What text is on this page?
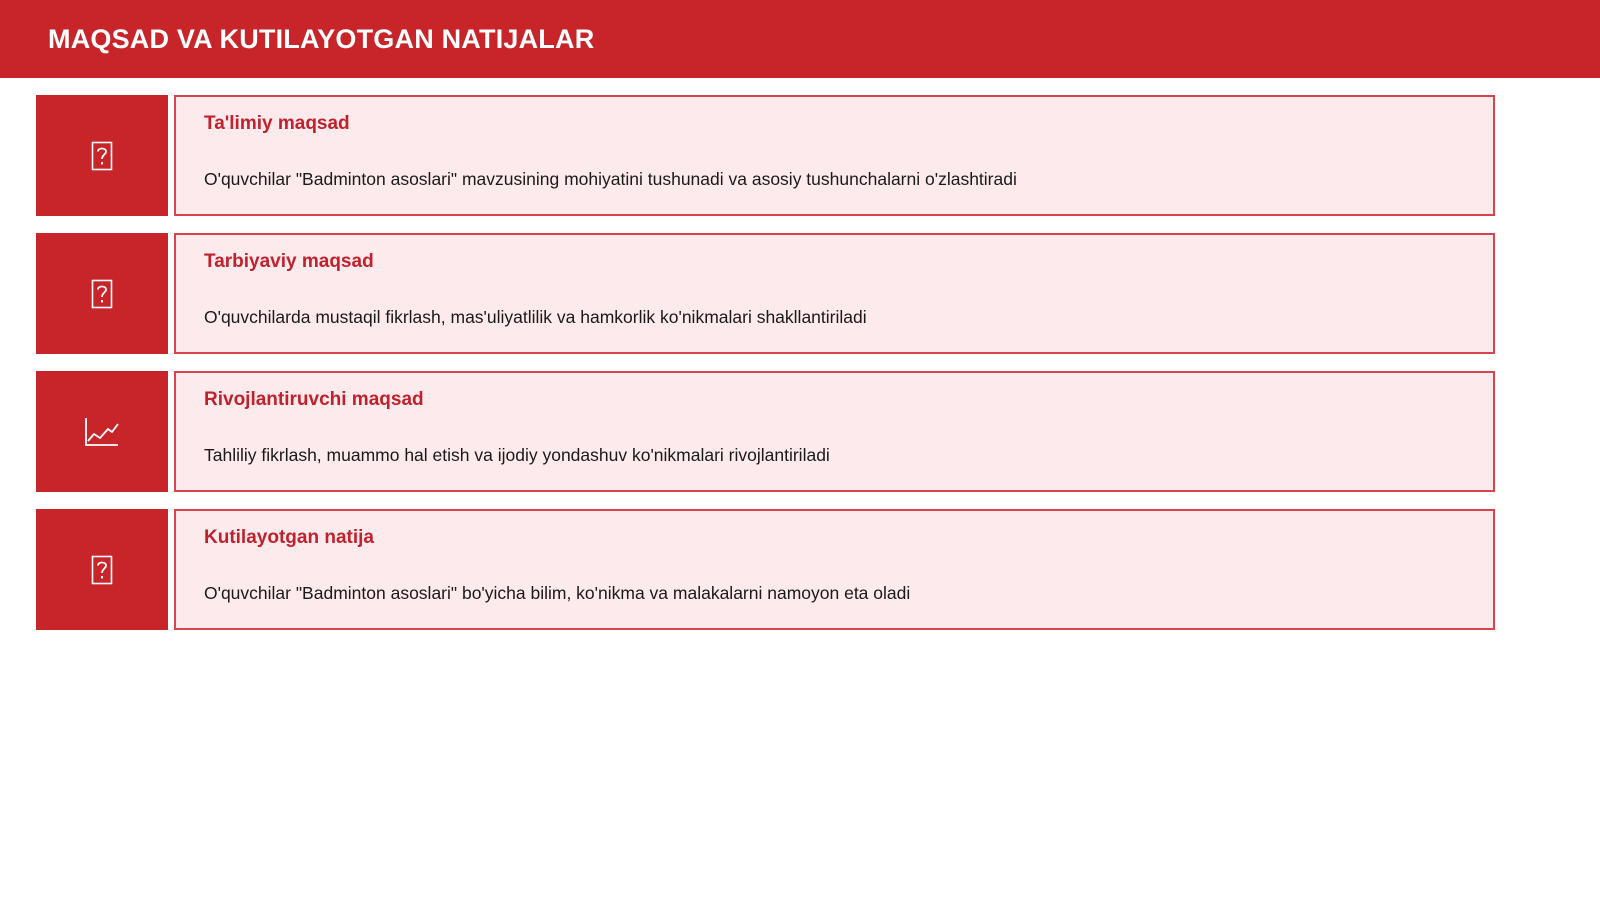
MAQSAD VA KUTILAYOTGAN NATIJALAR
Ta'limiy maqsad
O'quvchilar "Badminton asoslari" mavzusining mohiyatini tushunadi va asosiy tushunchalarni o'zlashtiradi
Tarbiyaviy maqsad
O'quvchilarda mustaqil fikrlash, mas'uliyatlilik va hamkorlik ko'nikmalari shakllantiriladi
Rivojlantiruvchi maqsad
Tahliliy fikrlash, muammo hal etish va ijodiy yondashuv ko'nikmalari rivojlantiriladi
Kutilayotgan natija
O'quvchilar "Badminton asoslari" bo'yicha bilim, ko'nikma va malakalarni namoyon eta oladi
